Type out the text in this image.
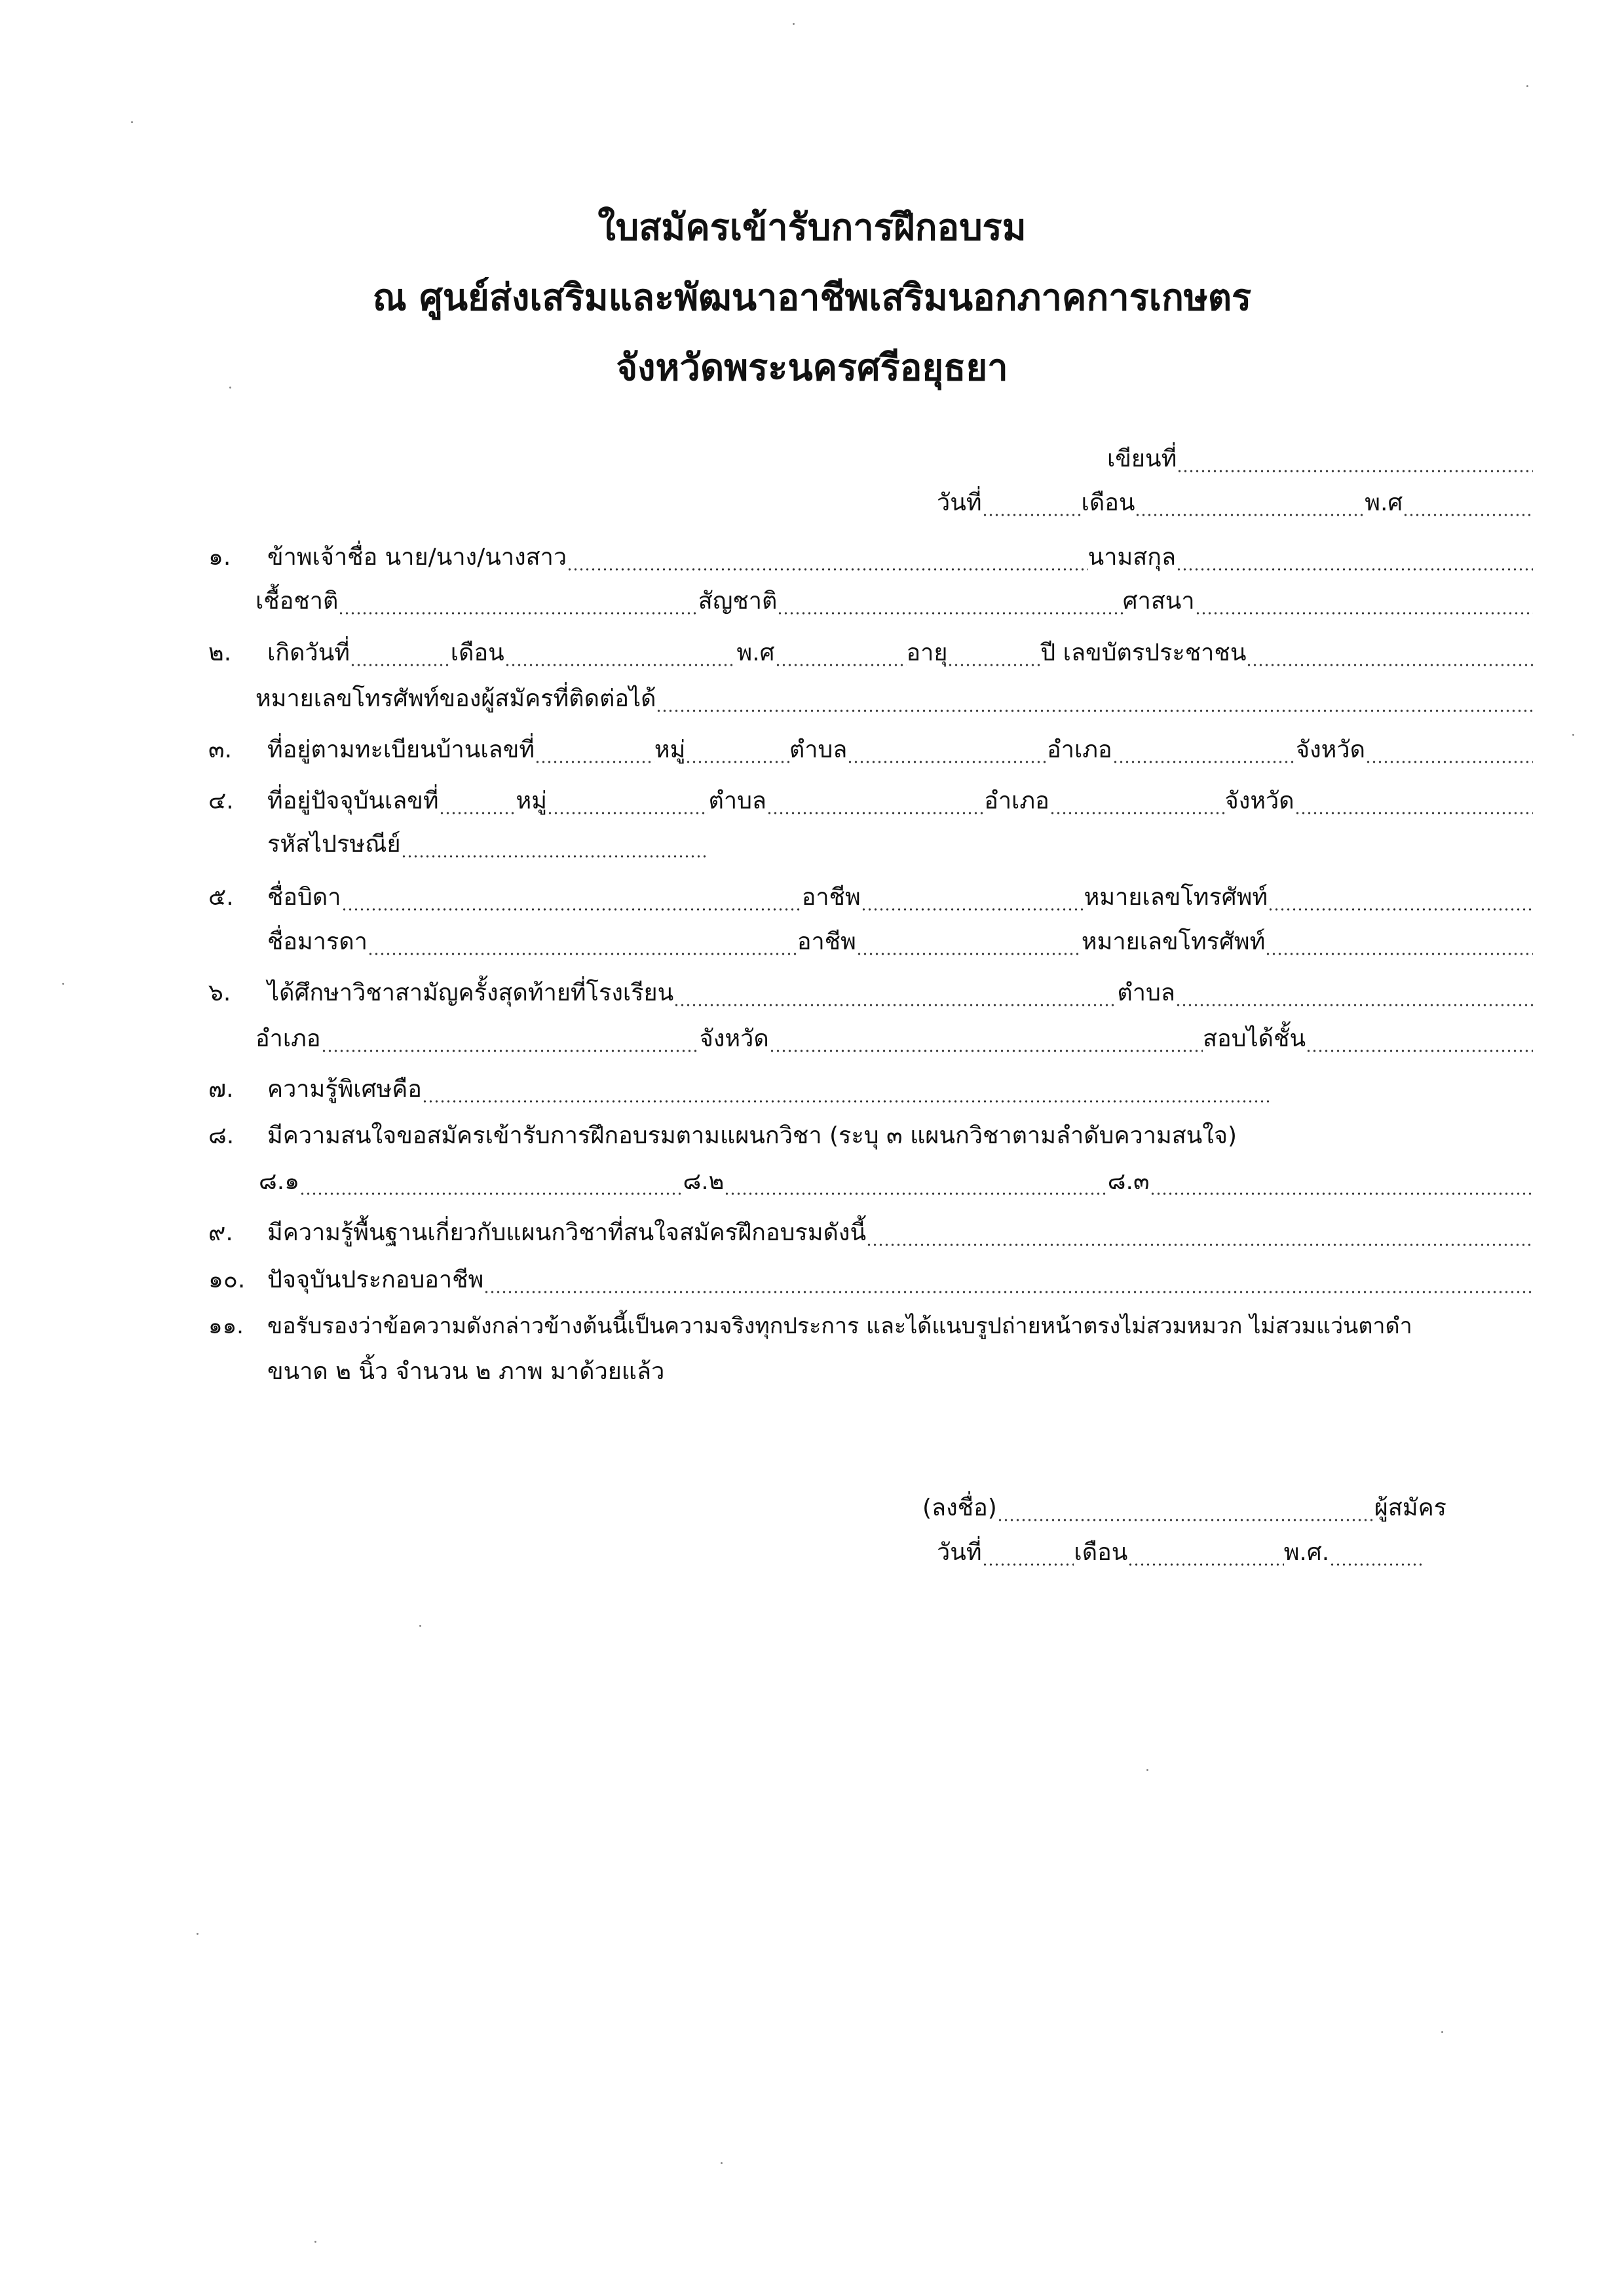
ใบสมัครเข้ารับการฝึกอบรม
ณ ศูนย์ส่งเสริมและพัฒนาอาชีพเสริมนอกภาคการเกษตร
จังหวัดพระนครศรีอยุธยา
เขียนที่
วันที่	เดือน	พ.ศ
๑.	ข้าพเจ้าชื่อ นาย/นาง/นางสาว	นามสกุล
เชื้อชาติ	สัญชาติ	ศาสนา
๒.	เกิดวันที่	เดือน	พ.ศ	อายุ	ปี เลขบัตรประชาชน
หมายเลขโทรศัพท์ของผู้สมัครที่ติดต่อได้
๓.	ที่อยู่ตามทะเบียนบ้านเลขที่	หมู่	ตำบล	อำเภอ	จังหวัด
๔.	ที่อยู่ปัจจุบันเลขที่	หมู่	ตำบล	อำเภอ	จังหวัด
รหัสไปรษณีย์
๕.	ชื่อบิดา	อาชีพ	หมายเลขโทรศัพท์
ชื่อมารดา	อาชีพ	หมายเลขโทรศัพท์
๖.	ได้ศึกษาวิชาสามัญครั้งสุดท้ายที่โรงเรียน	ตำบล
อำเภอ	จังหวัด	สอบได้ชั้น
๗.	ความรู้พิเศษคือ
๘.	มีความสนใจขอสมัครเข้ารับการฝึกอบรมตามแผนกวิชา (ระบุ ๓ แผนกวิชาตามลำดับความสนใจ)
๘.๑	๘.๒	๘.๓
๙.	มีความรู้พื้นฐานเกี่ยวกับแผนกวิชาที่สนใจสมัครฝึกอบรมดังนี้
๑๐. ปัจจุบันประกอบอาชีพ
๑๑.	ขอรับรองว่าข้อความดังกล่าวข้างต้นนี้เป็นความจริงทุกประการ และได้แนบรูปถ่ายหน้าตรงไม่สวมหมวก ไม่สวมแว่นตาดำ
ขนาด ๒ นิ้ว จำนวน ๒ ภาพ มาด้วยแล้ว
(ลงชื่อ)	ผู้สมัคร
วันที่	เดือน	พ.ศ.
